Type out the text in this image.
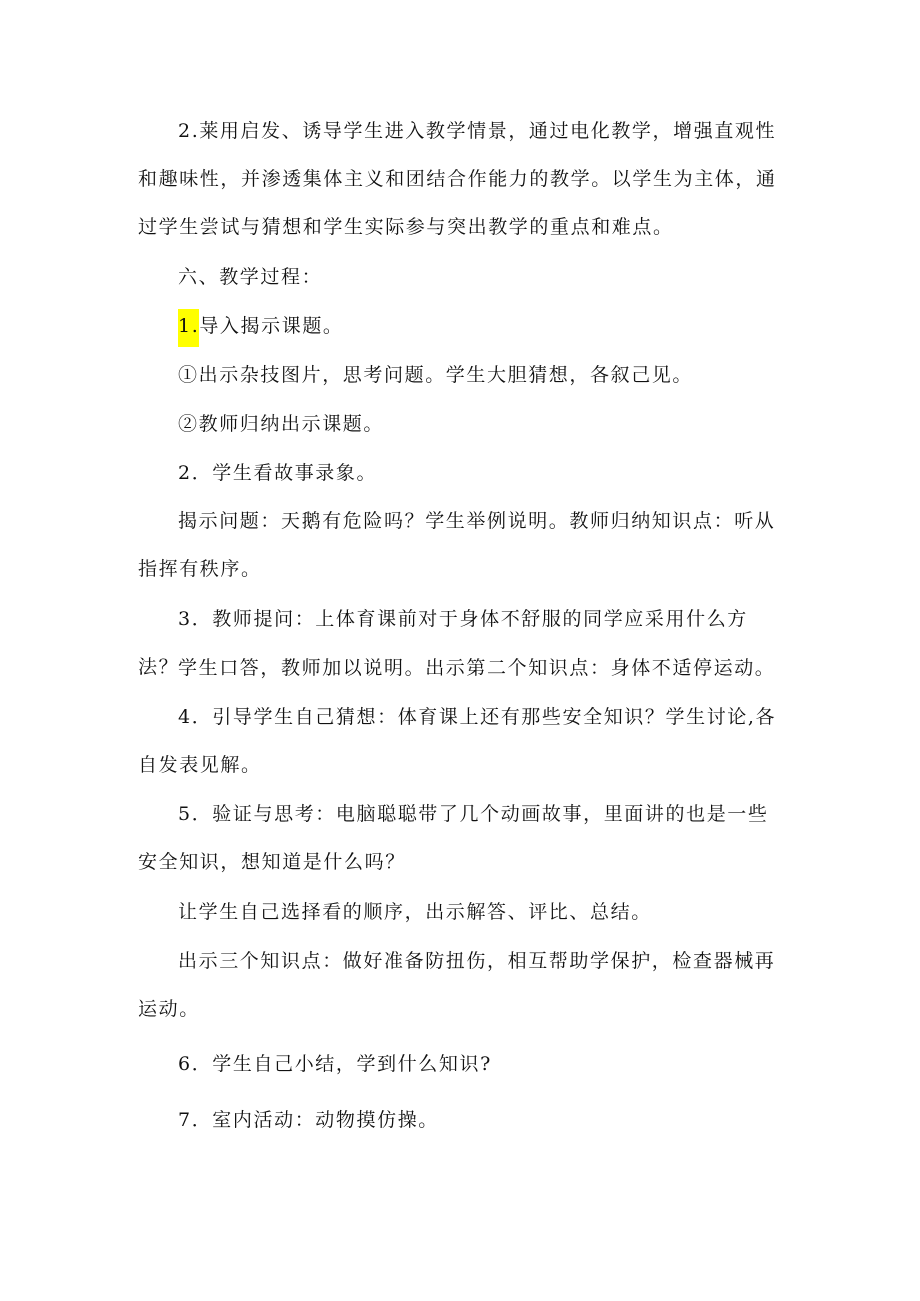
2.莱用启发、诱导学生进入教学情景，通过电化教学，增强直观性和趣味性，并渗透集体主义和团结合作能力的教学。以学生为主体，通过学生尝试与猜想和学生实际参与突出教学的重点和难点。

六、教学过程：

1.导入揭示课题。

①出示杂技图片，思考问题。学生大胆猜想，各叙己见。

②教师归纳出示课题。

2．学生看故事录象。

揭示问题：天鹅有危险吗？学生举例说明。教师归纳知识点：听从指挥有秩序。

3．教师提问：上体育课前对于身体不舒服的同学应采用什么方法？

学生口答，教师加以说明。出示第二个知识点：身体不适停运动。

4．引导学生自己猜想：体育课上还有那些安全知识？学生讨论,各自发表见解。

5．验证与思考：电脑聪聪带了几个动画故事，里面讲的也是一些安全知识，想知道是什么吗？

让学生自己选择看的顺序，出示解答、评比、总结。

出示三个知识点：做好准备防扭伤，相互帮助学保护，检查器械再运动。

6．学生自己小结，学到什么知识?

7．室内活动：动物摸仿操。
